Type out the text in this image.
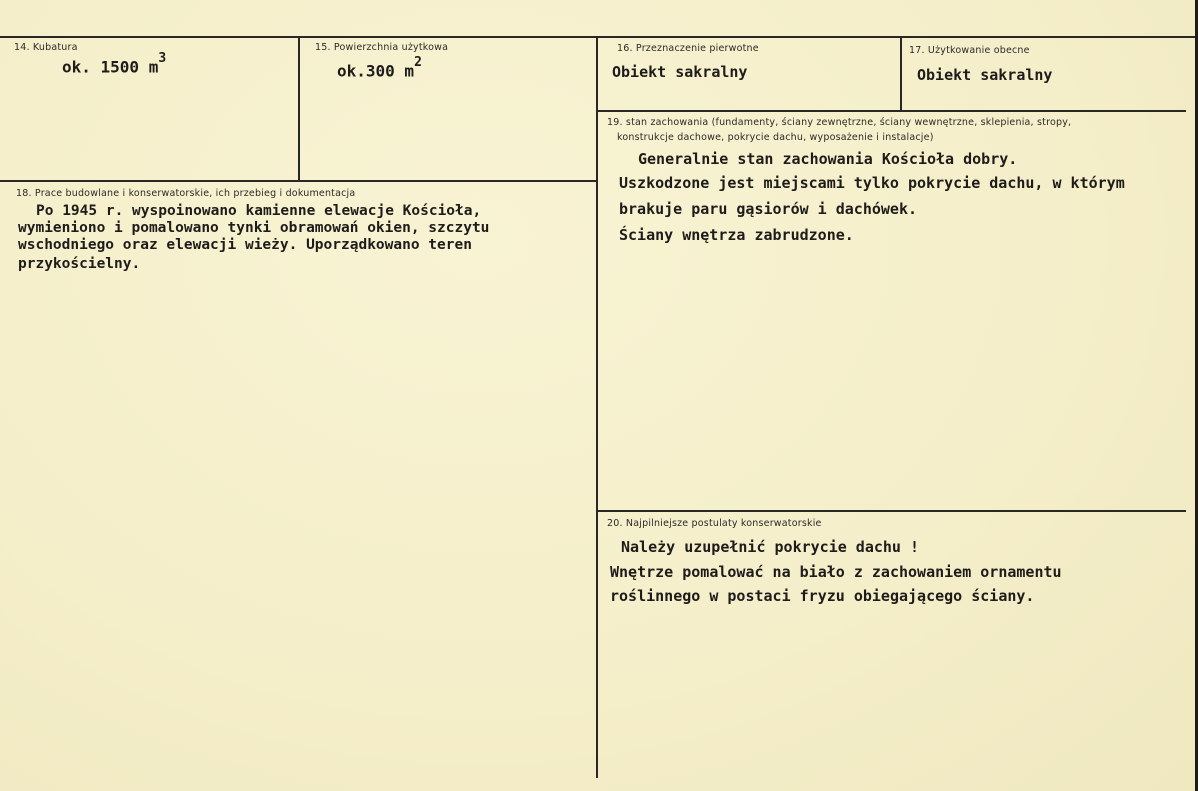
14. Kubatura
ok. 1500 $m^3$
15. Powierzchnia użytkowa
ok.300 $m^2$
16. Przeznaczenie pierwotne
Obiekt sakralny
17. Użytkowanie obecne
Obiekt sakralny
18. Prace budowlane i konserwatorskie, ich przebieg i dokumentacja
Po 1945 r. wyspoinowano kamienne elewacje Kościoła,
wymieniono i pomalowano tynki obramowań okien, szczytu
wschodniego oraz elewacji wieży. Uporządkowano teren
przykościelny.
19. stan zachowania (fundamenty, ściany zewnętrzne, ściany wewnętrzne, sklepienia, stropy,
konstrukcje dachowe, pokrycie dachu, wyposażenie i instalacje)
Generalnie stan zachowania Kościoła dobry.
Uszkodzone jest miejscami tylko pokrycie dachu, w którym
brakuje paru gąsiorów i dachówek.
Ściany wnętrza zabrudzone.
20. Najpilniejsze postulaty konserwatorskie
Należy uzupełnić pokrycie dachu !
Wnętrze pomalować na biało z zachowaniem ornamentu
roślinnego w postaci fryzu obiegającego ściany.
